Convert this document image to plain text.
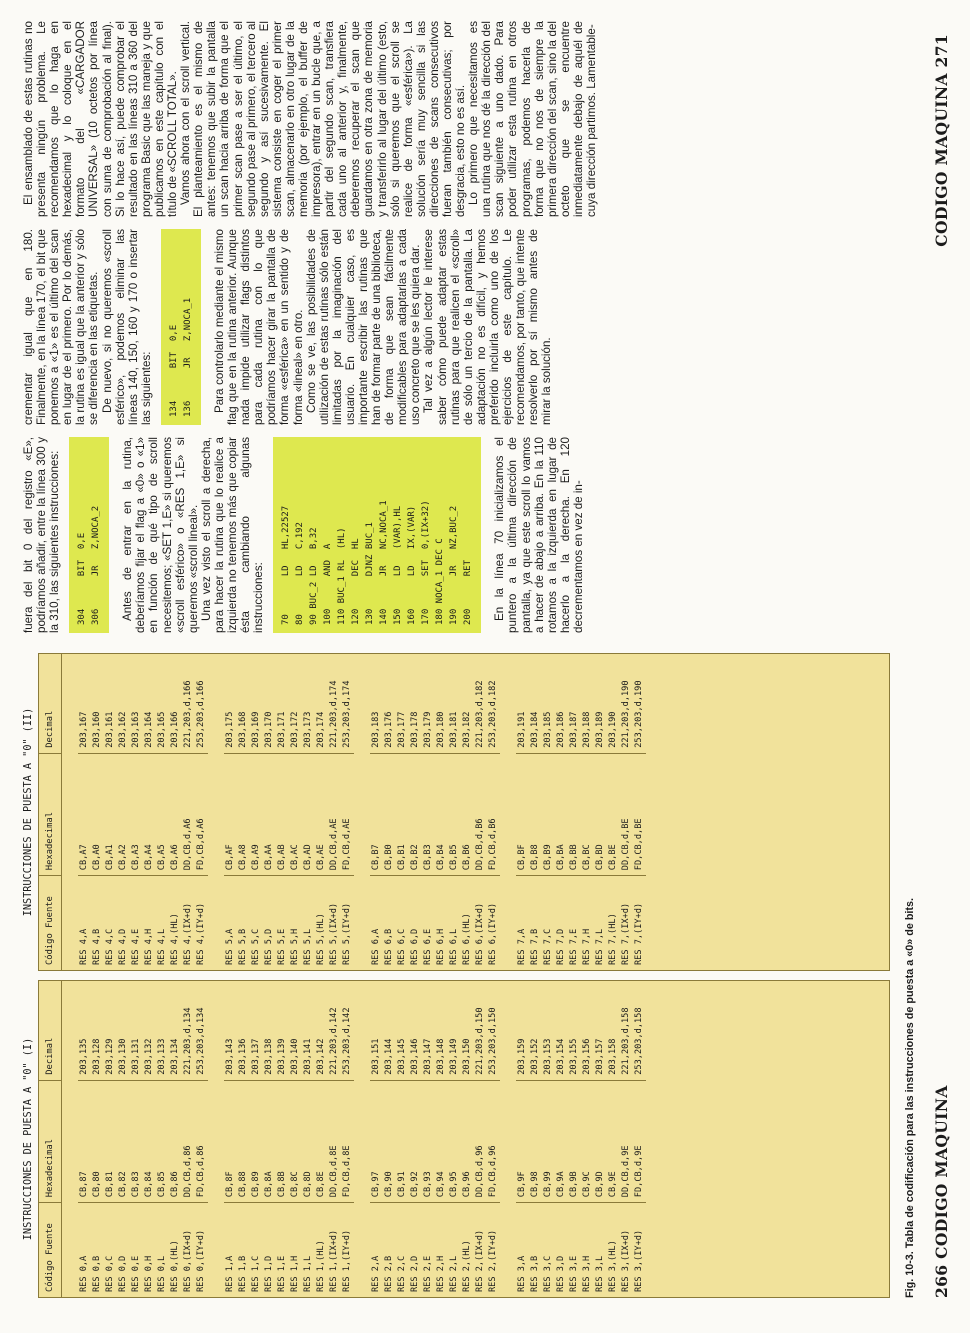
INSTRUCCIONES DE PUESTA A "0" (I)
Código Fuente
Hexadecimal
Decimal
RES 0,A
CB,87
203,135
RES 0,B
CB,80
203,128
RES 0,C
CB,81
203,129
RES 0,D
CB,82
203,130
RES 0,E
CB,83
203,131
RES 0,H
CB,84
203,132
RES 0,L
CB,85
203,133
RES 0,(HL)
CB,86
203,134
RES 0,(IX+d)
DD,CB,d,86
221,203,d,134
RES 0,(IY+d)
FD,CB,d,86
253,203,d,134
RES 1,A
CB,8F
203,143
RES 1,B
CB,88
203,136
RES 1,C
CB,89
203,137
RES 1,D
CB,8A
203,138
RES 1,E
CB,8B
203,139
RES 1,H
CB,8C
203,140
RES 1,L
CB,8D
203,141
RES 1,(HL)
CB,8E
203,142
RES 1,(IX+d)
DD,CB,d,8E
221,203,d,142
RES 1,(IY+d)
FD,CB,d,8E
253,203,d,142
RES 2,A
CB,97
203,151
RES 2,B
CB,90
203,144
RES 2,C
CB,91
203,145
RES 2,D
CB,92
203,146
RES 2,E
CB,93
203,147
RES 2,H
CB,94
203,148
RES 2,L
CB,95
203,149
RES 2,(HL)
CB,96
203,150
RES 2,(IX+d)
DD,CB,d,96
221,203,d,150
RES 2,(IY+d)
FD,CB,d,96
253,203,d,150
RES 3,A
CB,9F
203,159
RES 3,B
CB,98
203,152
RES 3,C
CB,99
203,153
RES 3,D
CB,9A
203,154
RES 3,E
CB,9B
203,155
RES 3,H
CB,9C
203,156
RES 3,L
CB,9D
203,157
RES 3,(HL)
CB,9E
203,158
RES 3,(IX+d)
DD,CB,d,9E
221,203,d,158
RES 3,(IY+d)
FD,CB,d,9E
253,203,d,158
INSTRUCCIONES DE PUESTA A "0" (II)
Código Fuente
Hexadecimal
Decimal
RES 4,A
CB,A7
203,167
RES 4,B
CB,A0
203,160
RES 4,C
CB,A1
203,161
RES 4,D
CB,A2
203,162
RES 4,E
CB,A3
203,163
RES 4,H
CB,A4
203,164
RES 4,L
CB,A5
203,165
RES 4,(HL)
CB,A6
203,166
RES 4,(IX+d)
DD,CB,d,A6
221,203,d,166
RES 4,(IY+d)
FD,CB,d,A6
253,203,d,166
RES 5,A
CB,AF
203,175
RES 5,B
CB,A8
203,168
RES 5,C
CB,A9
203,169
RES 5,D
CB,AA
203,170
RES 5,E
CB,AB
203,171
RES 5,H
CB,AC
203,172
RES 5,L
CB,AD
203,173
RES 5,(HL)
CB,AE
203,174
RES 5,(IX+d)
DD,CB,d,AE
221,203,d,174
RES 5,(IY+d)
FD,CB,d,AE
253,203,d,174
RES 6,A
CB,B7
203,183
RES 6,B
CB,B0
203,176
RES 6,C
CB,B1
203,177
RES 6,D
CB,B2
203,178
RES 6,E
CB,B3
203,179
RES 6,H
CB,B4
203,180
RES 6,L
CB,B5
203,181
RES 6,(HL)
CB,B6
203,182
RES 6,(IX+d)
DD,CB,d,B6
221,203,d,182
RES 6,(IY+d)
FD,CB,d,B6
253,203,d,182
RES 7,A
CB,BF
203,191
RES 7,B
CB,B8
203,184
RES 7,C
CB,B9
203,185
RES 7,D
CB,BA
203,186
RES 7,E
CB,BB
203,187
RES 7,H
CB,BC
203,188
RES 7,L
CB,BD
203,189
RES 7,(HL)
CB,BE
203,190
RES 7,(IX+d)
DD,CB,d,BE
221,203,d,190
RES 7,(IY+d)
FD,CB,d,BE
253,203,d,190
Fig. 10-3. Tabla de codificación para las instrucciones de puesta a «0» de bits. 266 CODIGO MAQUINA

fuera del bit 0 del registro «E», podríamos añadir, entre la línea 300 y la 310, las siguientes instrucciones: 304      BIT  0,E 306      JR   Z,NOCA_2 Antes de entrar en la rutina, deberíamos fijar el flag a «0» o «1» en función de qué tipo de scroll necesitemos; «SET 1,E» si queremos «scroll esférico» o «RES 1,E» si queremos «scroll lineal». Una vez visto el scroll a derecha, para hacer la rutina que lo realice a izquierda no tenemos más que copiar ésta cambiando algunas instrucciones: 70       LD   HL,22527 80       LD   C,192 90 BUC_2 LD   B,32 100      AND  A 110 BUC_1 RL  (HL) 120      DEC  HL 130      DJNZ BUC_1 140      JR   NC,NOCA_1 150      LD   (VAR),HL 160      LD   IX,(VAR) 170      SET  0,(IX+32) 180 NOCA_1 DEC C 190      JR   NZ,BUC_2 200      RET En la línea 70 inicializamos el puntero a la última dirección de pantalla, ya que este scroll lo vamos a hacer de abajo a arriba. En la 110 rotamos a la izquierda en lugar de hacerlo a la derecha. En 120 decrementamos en vez de in-

crementar igual que en 180. Finalmente, en la línea 170, el bit que ponemos a «1» es el último del scan en lugar de el primero. Por lo demás, la rutina es igual que la anterior y sólo se diferencia en las etiquetas. De nuevo, si no queremos «scroll esférico», podemos eliminar las líneas 140, 150, 160 y 170 o insertar las siguientes: 134      BIT  0,E 136      JR   Z,NOCA_1 Para controlarlo mediante el mismo flag que en la rutina anterior. Aunque nada impide utilizar flags distintos para cada rutina con lo que podríamos hacer girar la pantalla de forma «esférica» en un sentido y de forma «lineal» en otro. Como se ve, las posibilidades de utilización de estas rutinas sólo están limitadas por la imaginación del usuario. En cualquier caso, es importante escribir las rutinas que han de formar parte de una biblioteca, de forma que sean fácilmente modificables para adaptarlas a cada uso concreto que se les quiera dar. Tal vez a algún lector le interese saber cómo puede adaptar estas rutinas para que realicen el «scroll» de sólo un tercio de la pantalla. La adaptación no es difícil, y hemos preferido incluirla como uno de los ejercicios de este capítulo. Le recomendamos, por tanto, que intente resolverlo por sí mismo antes de mirar la solución.

El ensamblado de estas rutinas no presenta ningún problema. Le recomendamos que lo haga en hexadecimal y lo coloque en el formato del «CARGADOR UNIVERSAL» (10 octetos por línea con suma de comprobación al final). Si lo hace así, puede comprobar el resultado en las líneas 310 a 360 del programa Basic que las maneja y que publicamos en este capítulo con el título de «SCROLL TOTAL». Vamos ahora con el scroll vertical. El planteamiento es el mismo de antes: tenemos que subir la pantalla un scan hacia arriba de forma que el primer scan pase a ser el último, el segundo pase al primero, el tercero al segundo y así sucesivamente. El sistema consiste en coger el primer scan, almacenarlo en otro lugar de la memoria (por ejemplo, el buffer de impresora), entrar en un bucle que, a partir del segundo scan, transfiera cada uno al anterior y, finalmente, deberemos recuperar el scan que guardamos en otra zona de memoria y transferirlo al lugar del último (esto, sólo si queremos que el scroll se realice de forma «esférica»). La solución sería muy sencilla si las direcciones de scans consecutivos fueran también consecutivas; por desgracia, esto no es así. Lo primero que necesitamos es una rutina que nos dé la dirección del scan siguiente a uno dado. Para poder utilizar esta rutina en otros programas, podemos hacerla de forma que no nos de siempre la primera dirección del scan, sino la del octeto que se encuentre inmediatamente debajo de aquél de cuya dirección partimos. Lamentable-	CODIGO MAQUINA 271
